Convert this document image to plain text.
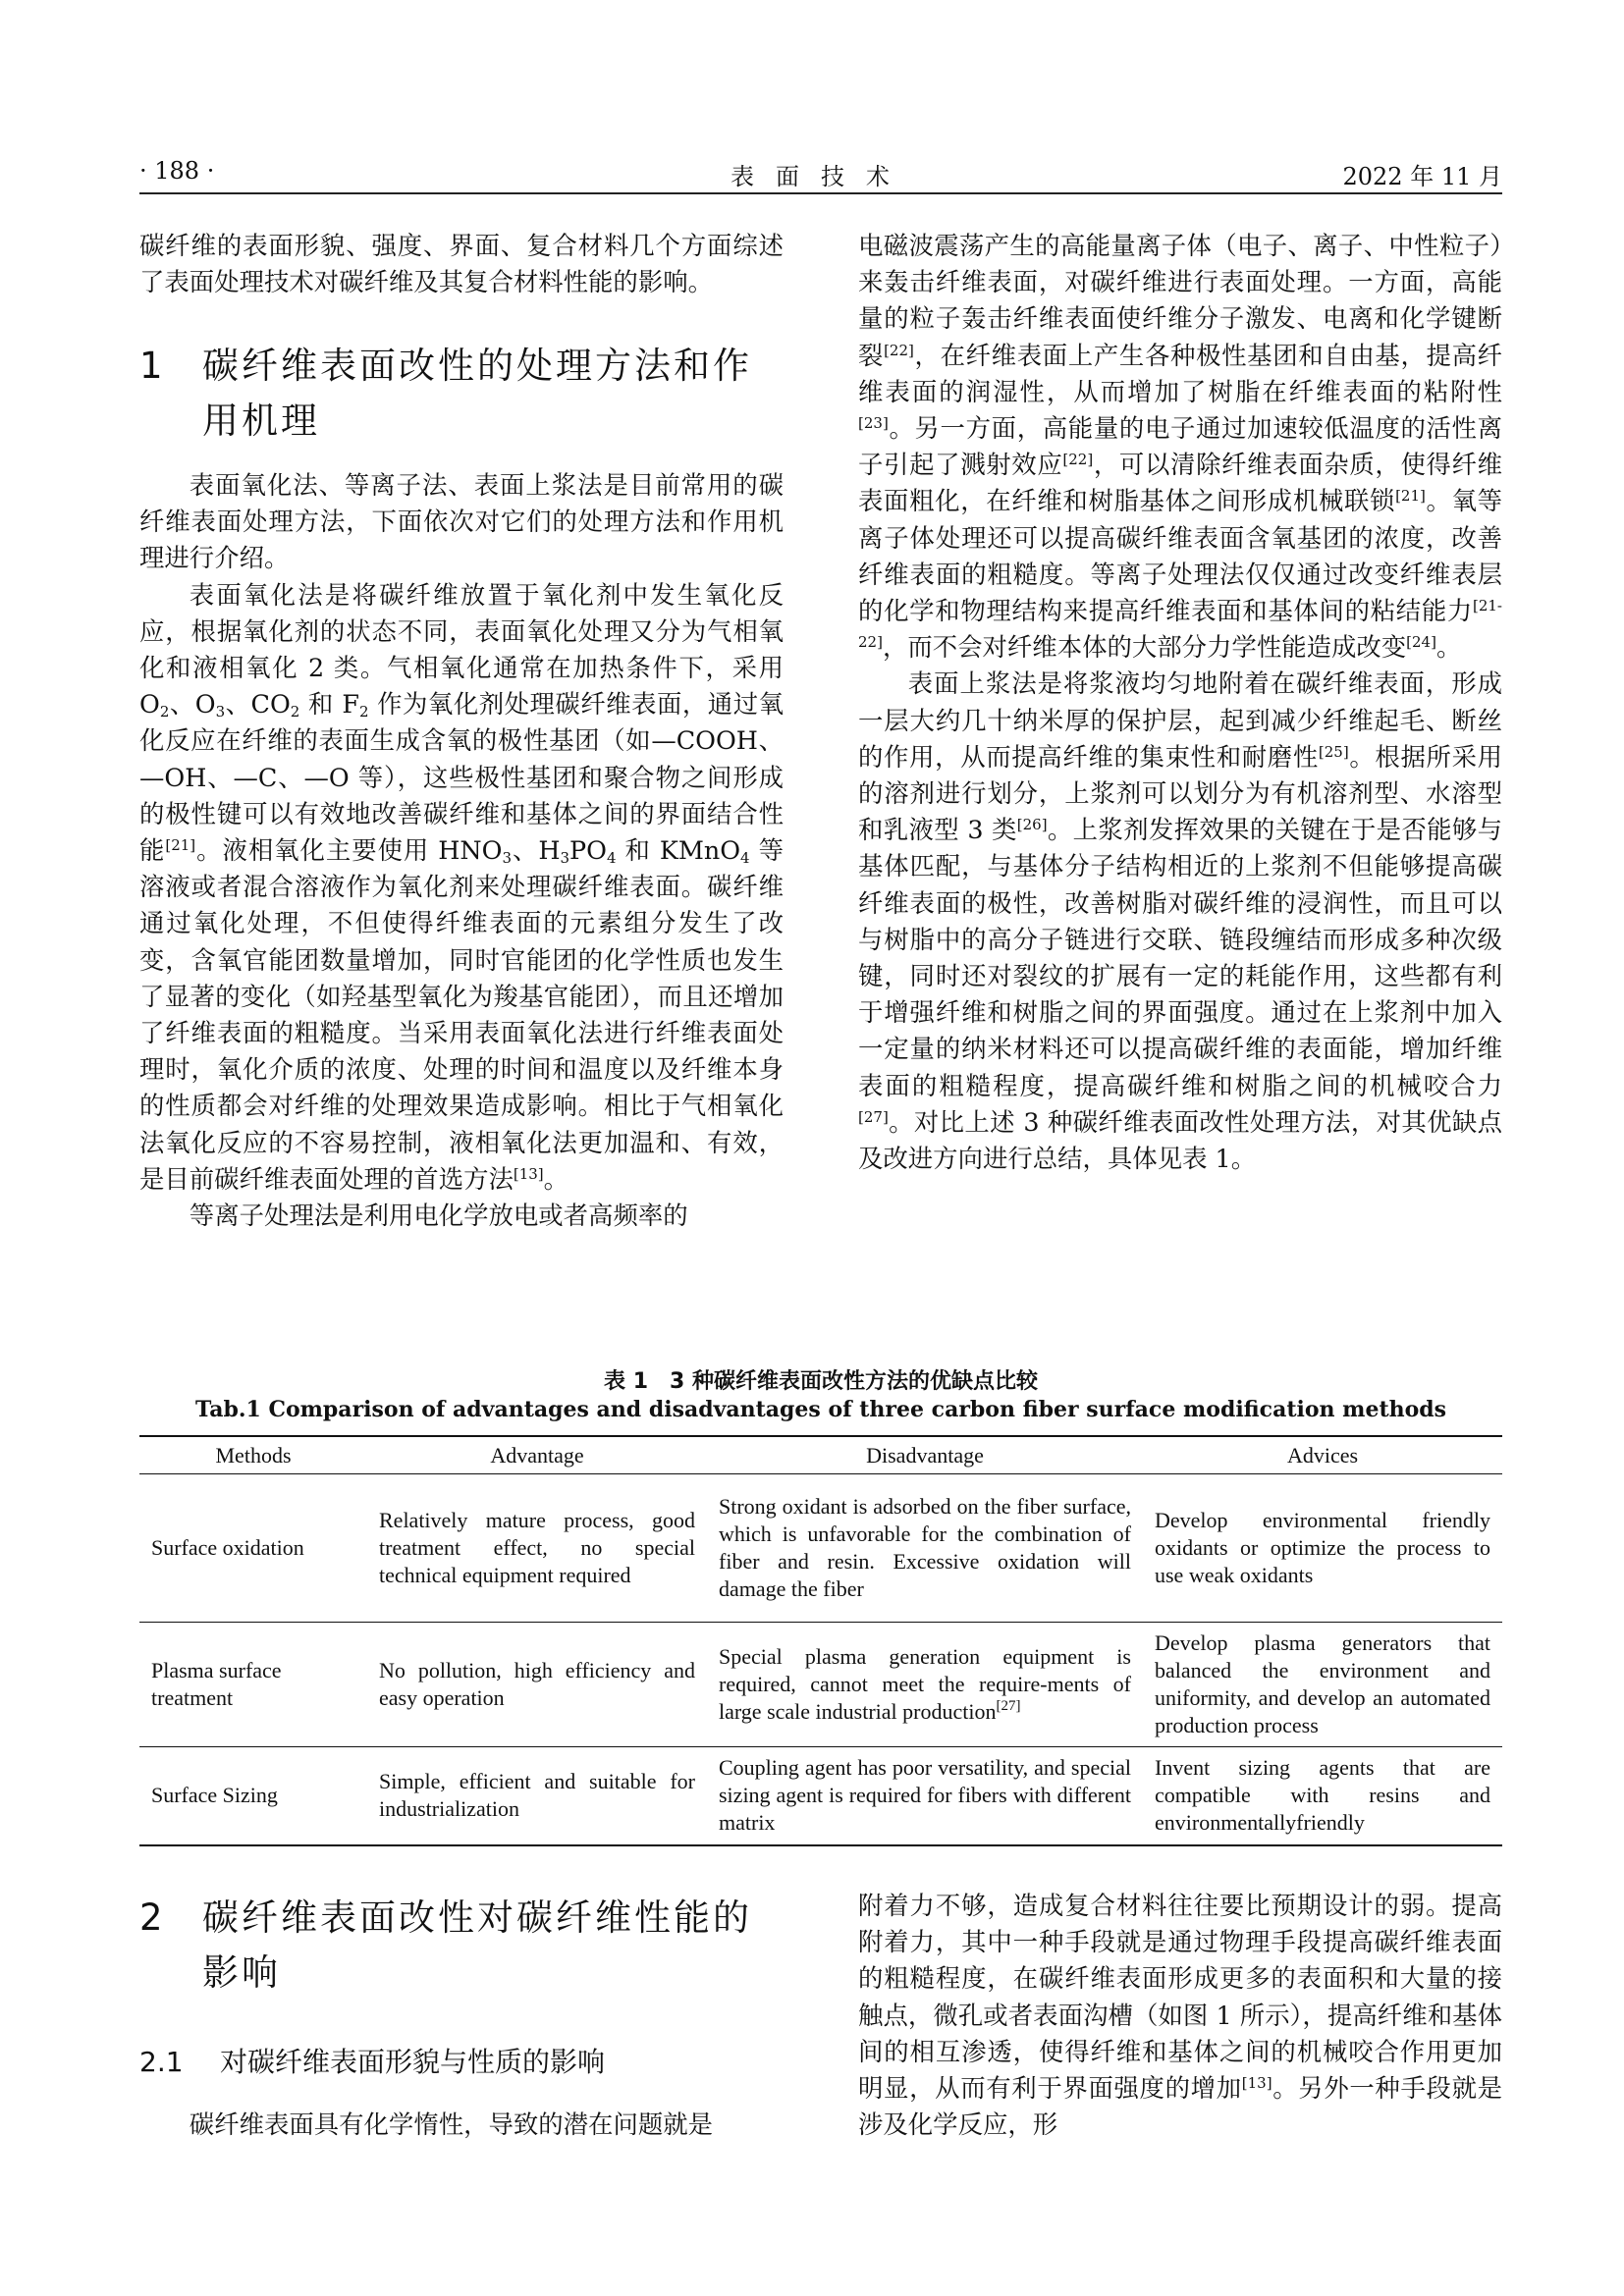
· 188 ·	表面技术	2022 年 11 月

碳纤维的表面形貌、强度、界面、复合材料几个方面综述了表面处理技术对碳纤维及其复合材料性能的影响。

1 碳纤维表面改性的处理方法和作用机理

表面氧化法、等离子法、表面上浆法是目前常用的碳纤维表面处理方法，下面依次对它们的处理方法和作用机理进行介绍。

表面氧化法是将碳纤维放置于氧化剂中发生氧化反应，根据氧化剂的状态不同，表面氧化处理又分为气相氧化和液相氧化 2 类。气相氧化通常在加热条件下，采用 $O_2$、$O_3$、$CO_2$ 和 $F_2$ 作为氧化剂处理碳纤维表面，通过氧化反应在纤维的表面生成含氧的极性基团（如—COOH、—OH、—C、—O 等），这些极性基团和聚合物之间形成的极性键可以有效地改善碳纤维和基体之间的界面结合性能[21]。液相氧化主要使用 $HNO_3$、$H_3PO_4$ 和 KMnO$_4$ 等溶液或者混合溶液作为氧化剂来处理碳纤维表面。碳纤维通过氧化处理，不但使得纤维表面的元素组分发生了改变，含氧官能团数量增加，同时官能团的化学性质也发生了显著的变化（如羟基型氧化为羧基官能团），而且还增加了纤维表面的粗糙度。当采用表面氧化法进行纤维表面处理时，氧化介质的浓度、处理的时间和温度以及纤维本身的性质都会对纤维的处理效果造成影响。相比于气相氧化法氧化反应的不容易控制，液相氧化法更加温和、有效，是目前碳纤维表面处理的首选方法[13]。

等离子处理法是利用电化学放电或者高频率的

电磁波震荡产生的高能量离子体（电子、离子、中性粒子）来轰击纤维表面，对碳纤维进行表面处理。一方面，高能量的粒子轰击纤维表面使纤维分子激发、电离和化学键断裂[22]，在纤维表面上产生各种极性基团和自由基，提高纤维表面的润湿性，从而增加了树脂在纤维表面的粘附性[23]。另一方面，高能量的电子通过加速较低温度的活性离子引起了溅射效应[22]，可以清除纤维表面杂质，使得纤维表面粗化，在纤维和树脂基体之间形成机械联锁[21]。氧等离子体处理还可以提高碳纤维表面含氧基团的浓度，改善纤维表面的粗糙度。等离子处理法仅仅通过改变纤维表层的化学和物理结构来提高纤维表面和基体间的粘结能力[21-22]，而不会对纤维本体的大部分力学性能造成改变[24]。

表面上浆法是将浆液均匀地附着在碳纤维表面，形成一层大约几十纳米厚的保护层，起到减少纤维起毛、断丝的作用，从而提高纤维的集束性和耐磨性[25]。根据所采用的溶剂进行划分，上浆剂可以划分为有机溶剂型、水溶型和乳液型 3 类[26]。上浆剂发挥效果的关键在于是否能够与基体匹配，与基体分子结构相近的上浆剂不但能够提高碳纤维表面的极性，改善树脂对碳纤维的浸润性，而且可以与树脂中的高分子链进行交联、链段缠结而形成多种次级键，同时还对裂纹的扩展有一定的耗能作用，这些都有利于增强纤维和树脂之间的界面强度。通过在上浆剂中加入一定量的纳米材料还可以提高碳纤维的表面能，增加纤维表面的粗糙程度，提高碳纤维和树脂之间的机械咬合力[27]。对比上述 3 种碳纤维表面改性处理方法，对其优缺点及改进方向进行总结，具体见表 1。

表 1　3 种碳纤维表面改性方法的优缺点比较
Tab.1 Comparison of advantages and disadvantages of three carbon fiber surface modification methods
Methods	Advantage	Disadvantage	Advices
Surface oxidation	Relatively mature process, good treatment effect, no special technical equipment required	Strong oxidant is adsorbed on the fiber surface, which is unfavorable for the combination of fiber and resin. Excessive oxidation will damage the fiber	Develop environmental friendly oxidants or optimize the process to use weak oxidants
Plasma surface treatment	No pollution, high efficiency and easy operation	Special plasma generation equipment is required, cannot meet the require-ments of large scale industrial production[27]	Develop plasma generators that balanced the environment and uniformity, and develop an automated production process
Surface Sizing	Simple, efficient and suitable for industrialization	Coupling agent has poor versatility, and special sizing agent is required for fibers with different matrix	Invent sizing agents that are compatible with resins and environmentallyfriendly
2 碳纤维表面改性对碳纤维性能的影响
2.1 对碳纤维表面形貌与性质的影响

碳纤维表面具有化学惰性，导致的潜在问题就是

附着力不够，造成复合材料往往要比预期设计的弱。提高附着力，其中一种手段就是通过物理手段提高碳纤维表面的粗糙程度，在碳纤维表面形成更多的表面积和大量的接触点，微孔或者表面沟槽（如图 1 所示），提高纤维和基体间的相互渗透，使得纤维和基体之间的机械咬合作用更加明显，从而有利于界面强度的增加[13]。另外一种手段就是涉及化学反应，形
